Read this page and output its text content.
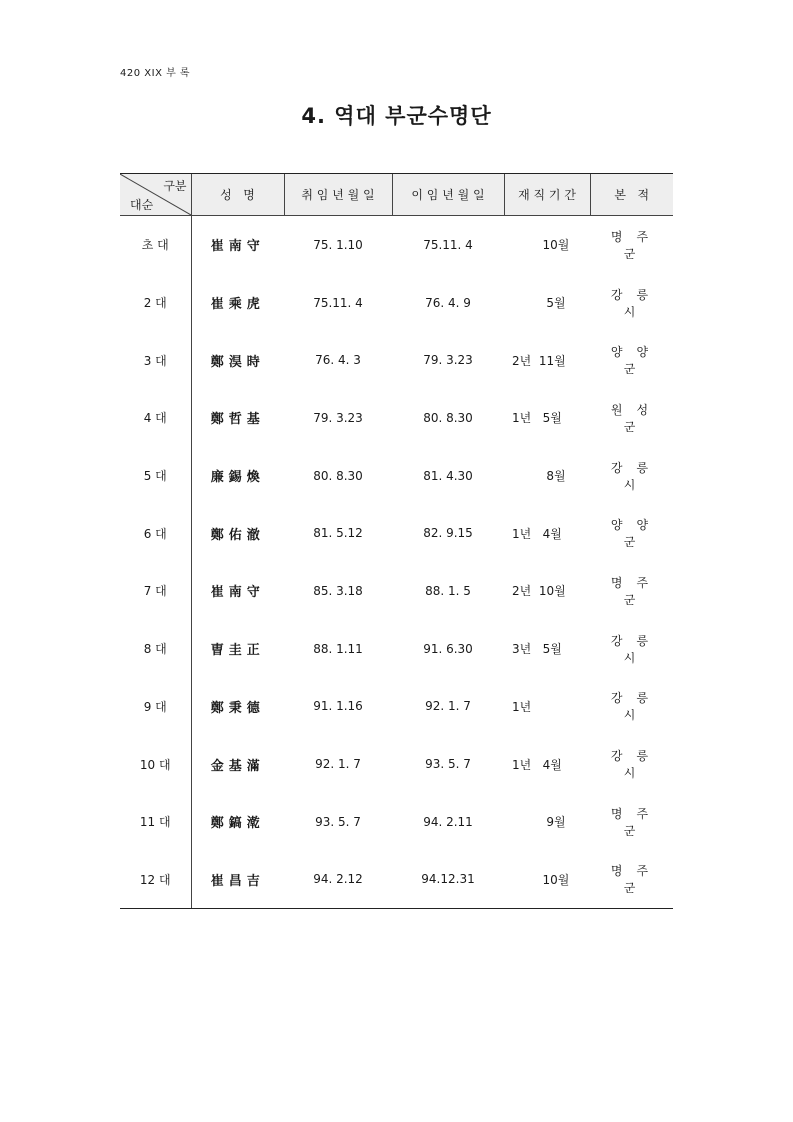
420 XIX 부 록
4. 역대 부군수명단
구분
대순	성   명	취 임 년 월 일	이 임 년 월 일	재 직 기 간	본   적
초 대	崔南守	75. 1.10	75.11. 4	10월	명주군
2 대	崔乘虎	75.11. 4	76. 4. 9	5월	강릉시
3 대	鄭淏時	76. 4. 3	79. 3.23	2년  11월	양양군
4 대	鄭哲基	79. 3.23	80. 8.30	1년   5월	원성군
5 대	廉錫煥	80. 8.30	81. 4.30	8월	강릉시
6 대	鄭佑澈	81. 5.12	82. 9.15	1년   4월	양양군
7 대	崔南守	85. 3.18	88. 1. 5	2년  10월	명주군
8 대	曺圭正	88. 1.11	91. 6.30	3년   5월	강릉시
9 대	鄭秉德	91. 1.16	92. 1. 7	1년	강릉시
10 대	金基滿	92. 1. 7	93. 5. 7	1년   4월	강릉시
11 대	鄭鎬漧	93. 5. 7	94. 2.11	9월	명주군
12 대	崔昌吉	94. 2.12	94.12.31	10월	명주군
